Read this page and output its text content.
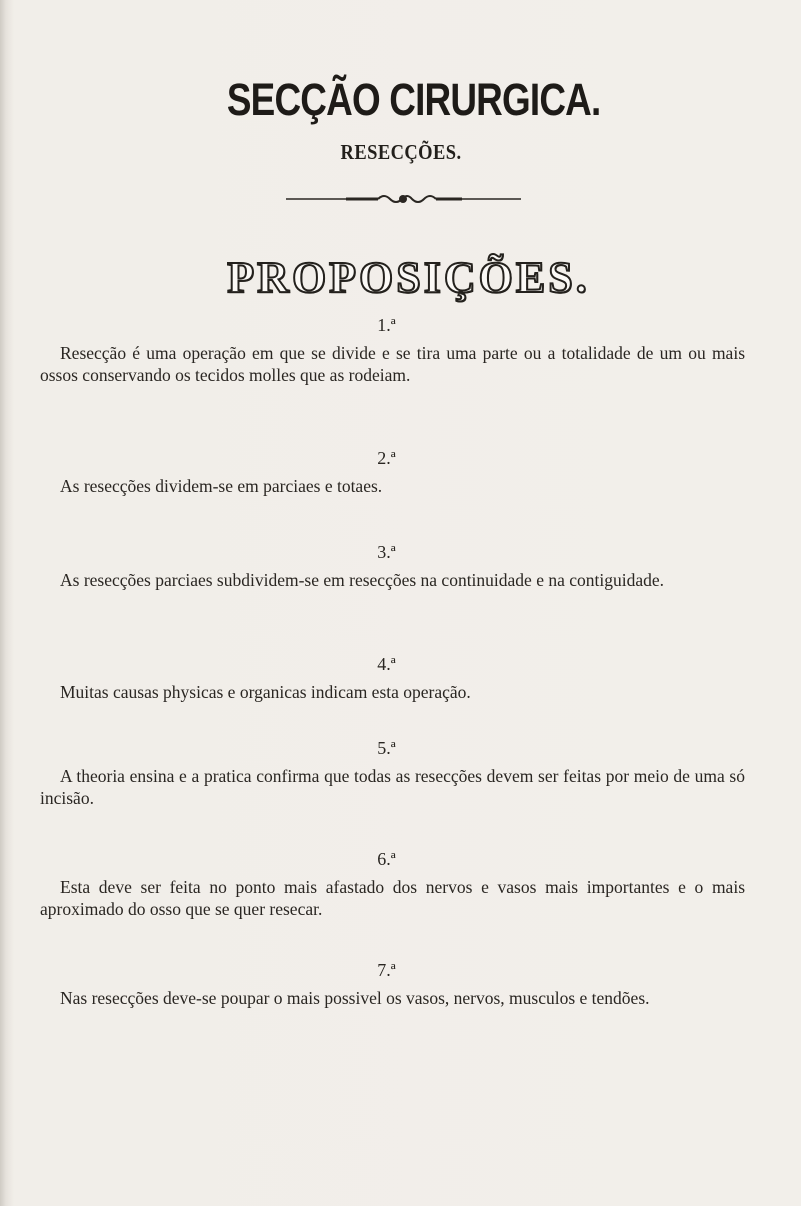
SECÇÃO CIRURGICA.
RESECÇÕES.
PROPOSIÇÕES.
1.ª
Resecção é uma operação em que se divide e se tira uma parte ou a totalidade de um ou mais ossos conservando os tecidos molles que as rodeiam.
2.ª
As resecções dividem-se em parciaes e totaes.
3.ª
As resecções parciaes subdividem-se em resecções na continuidade e na contiguidade.
4.ª
Muitas causas physicas e organicas indicam esta operação.
5.ª
A theoria ensina e a pratica confirma que todas as resecções devem ser feitas por meio de uma só incisão.
6.ª
Esta deve ser feita no ponto mais afastado dos nervos e vasos mais importantes e o mais aproximado do osso que se quer resecar.
7.ª
Nas resecções deve-se poupar o mais possivel os vasos, nervos, musculos e tendões.
